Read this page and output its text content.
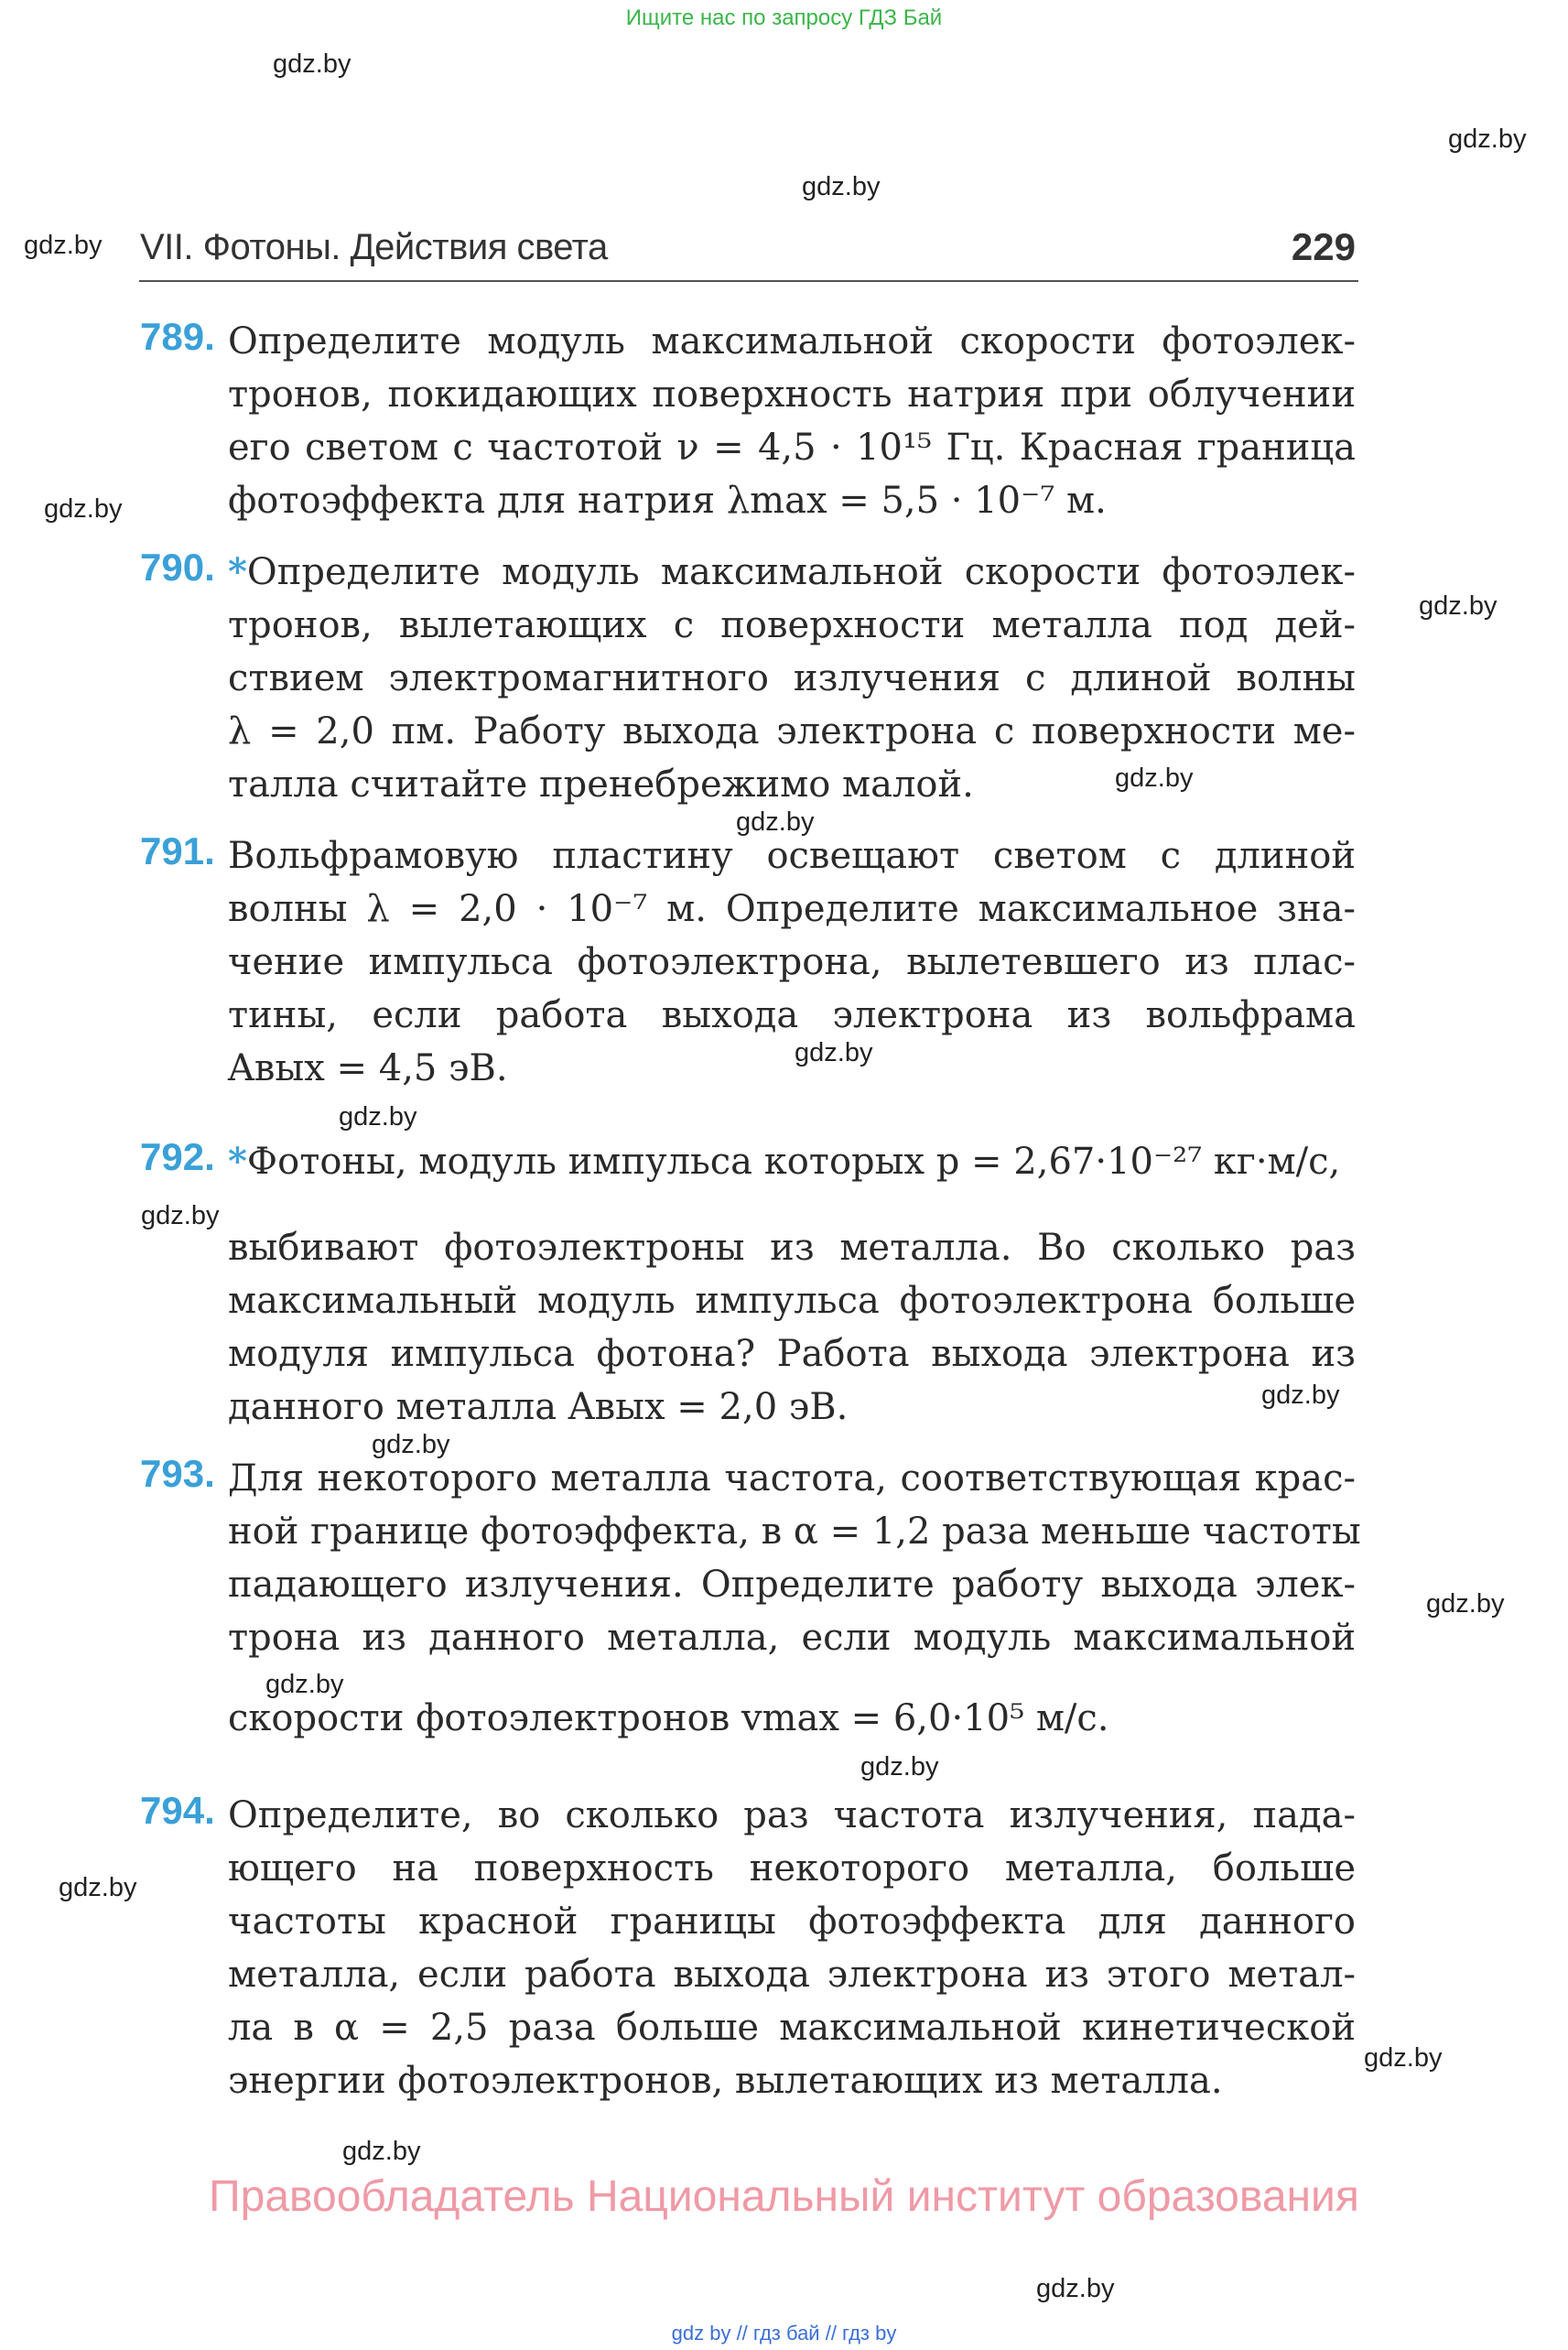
Ищите нас по запросу ГДЗ Бай
gdz.by
gdz.by
gdz.by
gdz.by
gdz.by
gdz.by
gdz.by
gdz.by
gdz.by
gdz.by
gdz.by
gdz.by
gdz.by
gdz.by
gdz.by
gdz.by
gdz.by
gdz.by
gdz.by
gdz.by
VII. Фотоны. Действия света	229
789. Определите модуль максимальной скорости фотоэлек-
тронов, покидающих поверхность натрия при облучении
его светом с частотой ν = 4,5 · 10¹⁵ Гц. Красная граница
фотоэффекта для натрия λmax = 5,5 · 10⁻⁷ м.
790. *Определите модуль максимальной скорости фотоэлек-
тронов, вылетающих с поверхности металла под дей-
ствием электромагнитного излучения с длиной волны
λ = 2,0 пм. Работу выхода электрона с поверхности ме-
талла считайте пренебрежимо малой.
791. Вольфрамовую пластину освещают светом с длиной
волны λ = 2,0 · 10⁻⁷ м. Определите максимальное зна-
чение импульса фотоэлектрона, вылетевшего из плас-
тины, если работа выхода электрона из вольфрама
Aвых = 4,5 эВ.
792. *Фотоны, модуль импульса которых p = 2,67·10⁻²⁷ кг·м/с,
выбивают фотоэлектроны из металла. Во сколько раз
максимальный модуль импульса фотоэлектрона больше
модуля импульса фотона? Работа выхода электрона из
данного металла Aвых = 2,0 эВ.
793. Для некоторого металла частота, соответствующая крас-
ной границе фотоэффекта, в α = 1,2 раза меньше частоты
падающего излучения. Определите работу выхода элек-
трона из данного металла, если модуль максимальной
скорости фотоэлектронов vmax = 6,0·10⁵ м/с.
794. Определите, во сколько раз частота излучения, пада-
ющего на поверхность некоторого металла, больше
частоты красной границы фотоэффекта для данного
металла, если работа выхода электрона из этого метал-
ла в α = 2,5 раза больше максимальной кинетической
энергии фотоэлектронов, вылетающих из металла.
Правообладатель Национальный институт образования
gdz by // гдз бай // гдз by
